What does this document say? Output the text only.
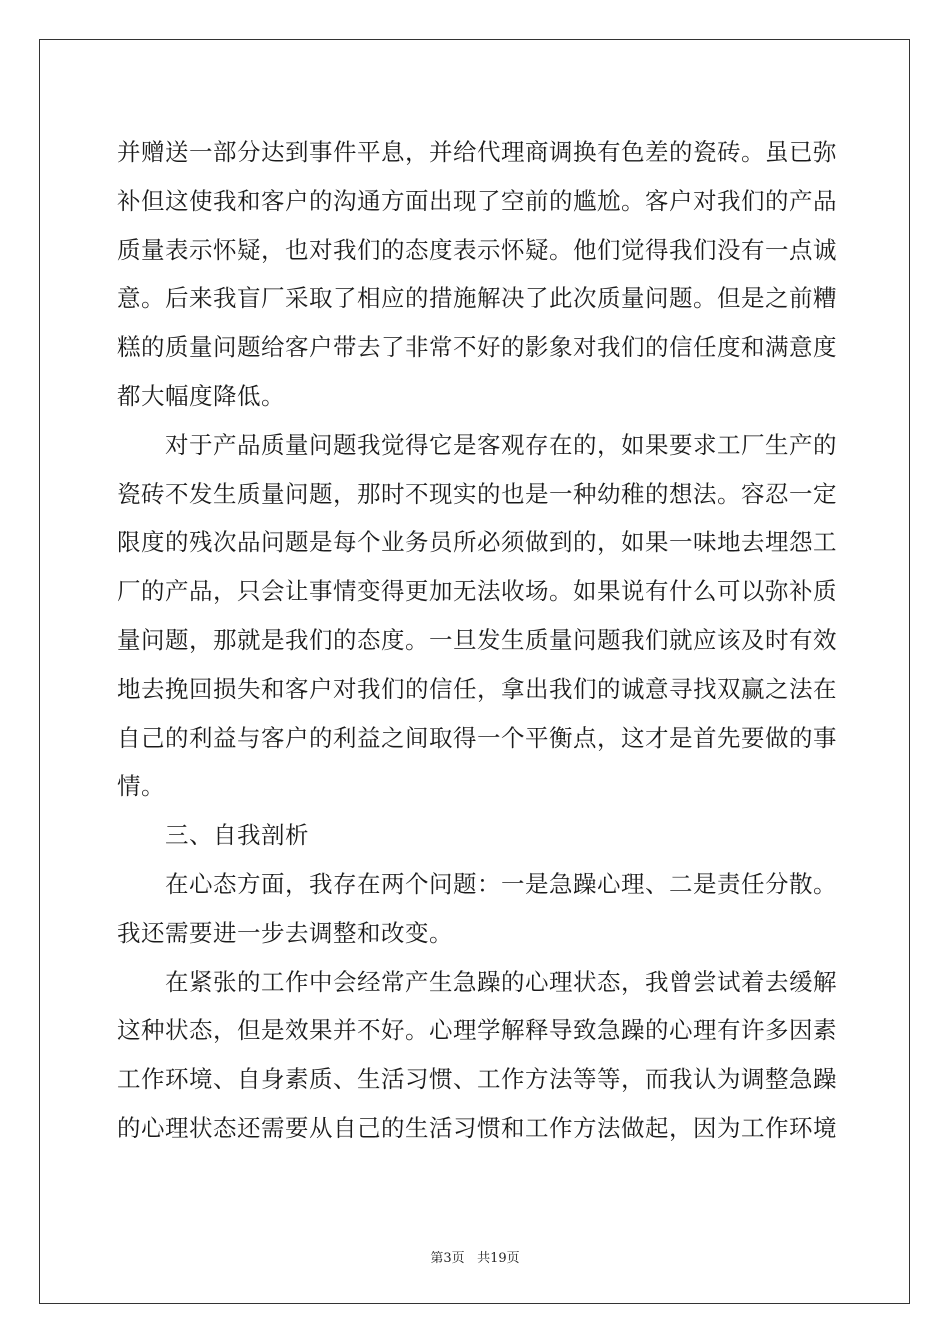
并赠送一部分达到事件平息，并给代理商调换有色差的瓷砖。虽已弥补但这使我和客户的沟通方面出现了空前的尴尬。客户对我们的产品质量表示怀疑，也对我们的态度表示怀疑。他们觉得我们没有一点诚意。后来我盲厂采取了相应的措施解决了此次质量问题。但是之前糟糕的质量问题给客户带去了非常不好的影象对我们的信任度和满意度都大幅度降低。

对于产品质量问题我觉得它是客观存在的，如果要求工厂生产的瓷砖不发生质量问题，那时不现实的也是一种幼稚的想法。容忍一定限度的残次品问题是每个业务员所必须做到的，如果一味地去埋怨工厂的产品，只会让事情变得更加无法收场。如果说有什么可以弥补质量问题，那就是我们的态度。一旦发生质量问题我们就应该及时有效地去挽回损失和客户对我们的信任，拿出我们的诚意寻找双赢之法在自己的利益与客户的利益之间取得一个平衡点，这才是首先要做的事情。

三、自我剖析

在心态方面，我存在两个问题：一是急躁心理、二是责任分散。我还需要进一步去调整和改变。

在紧张的工作中会经常产生急躁的心理状态，我曾尝试着去缓解这种状态，但是效果并不好。心理学解释导致急躁的心理有许多因素工作环境、自身素质、生活习惯、工作方法等等，而我认为调整急躁的心理状态还需要从自己的生活习惯和工作方法做起，因为工作环境

第3页 共19页
